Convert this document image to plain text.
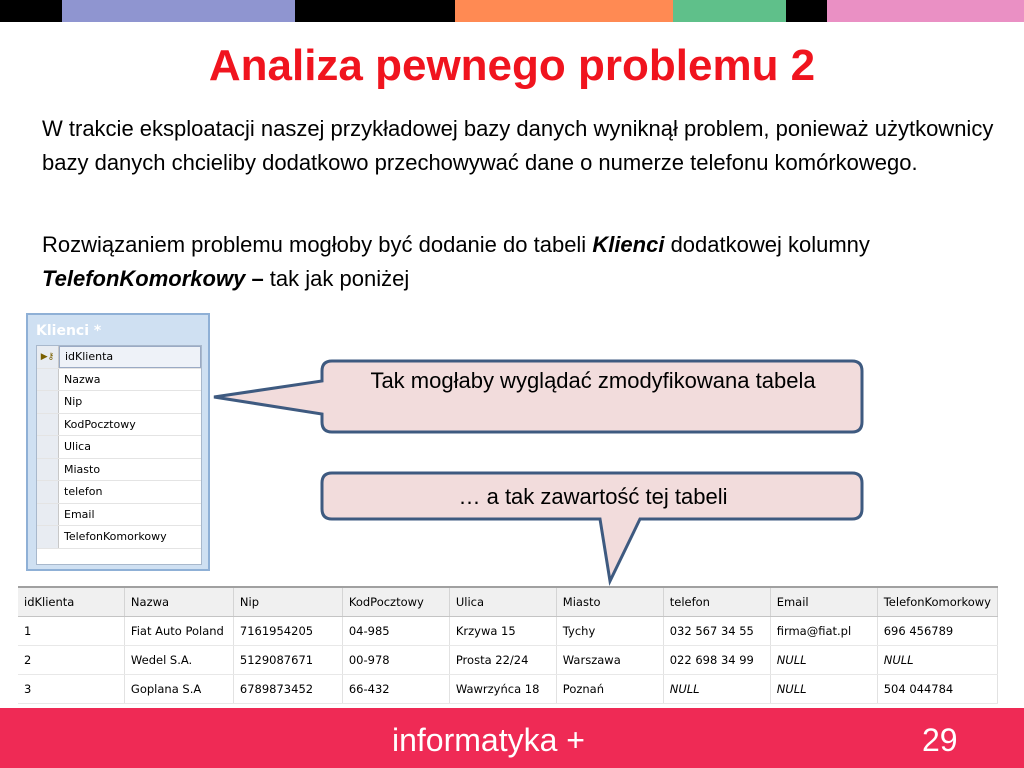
Analiza pewnego problemu 2
W trakcie eksploatacji naszej przykładowej bazy danych wyniknął problem, ponieważ użytkownicy bazy danych chcieliby dodatkowo przechowywać dane o numerze telefonu komórkowego.
Rozwiązaniem problemu mogłoby być dodanie do tabeli Klienci dodatkowej kolumny TelefonKomorkowy – tak jak poniżej
Klienci *
▶⚷ idKlienta
Nazwa
Nip
KodPocztowy
Ulica
Miasto
telefon
Email
TelefonKomorkowy
Tak mogłaby wyglądać zmodyfikowana tabela
… a tak zawartość tej tabeli
idKlienta	Nazwa	Nip	KodPocztowy	Ulica	Miasto	telefon	Email	TelefonKomorkowy
1	Fiat Auto Poland	7161954205	04-985	Krzywa 15	Tychy	032 567 34 55	firma@fiat.pl	696 456789
2	Wedel S.A.	5129087671	00-978	Prosta 22/24	Warszawa	022 698 34 99	NULL	NULL
3	Goplana S.A	6789873452	66-432	Wawrzyńca 18	Poznań	NULL	NULL	504 044784
informatyka +	29
